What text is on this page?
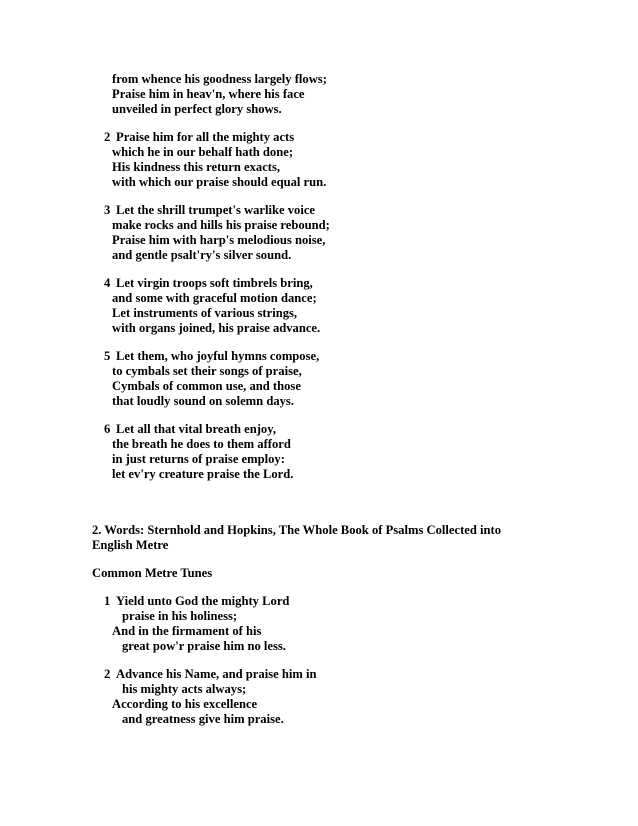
from whence his goodness largely flows;

Praise him in heav'n, where his face

unveiled in perfect glory shows.

2 Praise him for all the mighty acts

which he in our behalf hath done;

His kindness this return exacts,

with which our praise should equal run.

3 Let the shrill trumpet's warlike voice

make rocks and hills his praise rebound;

Praise him with harp's melodious noise,

and gentle psalt'ry's silver sound.

4 Let virgin troops soft timbrels bring,

and some with graceful motion dance;

Let instruments of various strings,

with organs joined, his praise advance.

5 Let them, who joyful hymns compose,

to cymbals set their songs of praise,

Cymbals of common use, and those

that loudly sound on solemn days.

6 Let all that vital breath enjoy,

the breath he does to them afford

in just returns of praise employ:

let ev'ry creature praise the Lord.

2. Words: Sternhold and Hopkins, The Whole Book of Psalms Collected into

English Metre

Common Metre Tunes

1 Yield unto God the mighty Lord

praise in his holiness;

And in the firmament of his

great pow'r praise him no less.

2 Advance his Name, and praise him in

his mighty acts always;

According to his excellence

and greatness give him praise.
